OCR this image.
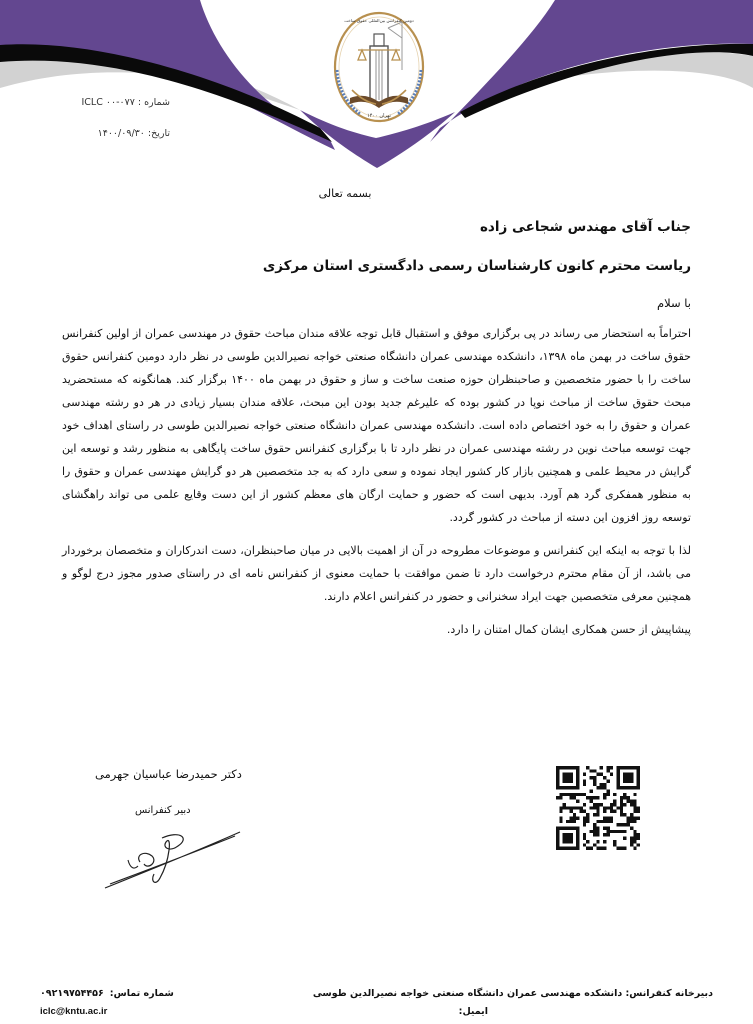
تهران ۱۴۰۰
دومین کنفرانس بین‌المللی حقوق ساخت
شماره : ICLC ۰۰-۰۷۷
تاریخ: ۱۴۰۰/۰۹/۳۰
بسمه تعالی
جناب آقای مهندس شجاعی زاده
ریاست محترم کانون کارشناسان رسمی دادگستری استان مرکزی
با سلام

احتراماً به استحضار می رساند در پی برگزاری موفق و استقبال قابل توجه علاقه مندان مباحث حقوق در مهندسی عمران از اولین کنفرانس حقوق ساخت در بهمن ماه ۱۳۹۸، دانشکده مهندسی عمران دانشگاه صنعتی خواجه نصیرالدین طوسی در نظر دارد دومین کنفرانس حقوق ساخت را با حضور متخصصین و صاحبنظران حوزه صنعت ساخت و ساز و حقوق در بهمن ماه ۱۴۰۰ برگزار کند. همانگونه که مستحضرید مبحث حقوق ساخت از مباحث نوپا در کشور بوده که علیرغم جدید بودن این مبحث، علاقه مندان بسیار زیادی در هر دو رشته مهندسی عمران و حقوق را به خود اختصاص داده است. دانشکده مهندسی عمران دانشگاه صنعتی خواجه نصیرالدین طوسی در راستای اهداف خود جهت توسعه مباحث نوین در رشته مهندسی عمران در نظر دارد تا با برگزاری کنفرانس حقوق ساخت پایگاهی به منظور رشد و توسعه این گرایش در محیط علمی و همچنین بازار کار کشور ایجاد نموده و سعی دارد که به جد متخصصین هر دو گرایش مهندسی عمران و حقوق را به منظور همفکری گرد هم آورد. بدیهی است که حضور و حمایت ارگان های معظم کشور از این دست وقایع علمی می تواند راهگشای توسعه روز افزون این دسته از مباحث در کشور گردد.

لذا با توجه به اینکه این کنفرانس و موضوعات مطروحه در آن از اهمیت بالایی در میان صاحبنظران، دست اندرکاران و متخصصان برخوردار می باشد، از آن مقام محترم درخواست دارد تا ضمن موافقت با حمایت معنوی از کنفرانس نامه ای در راستای صدور مجوز درج لوگو و همچنین معرفی متخصصین جهت ایراد سخنرانی و حضور در کنفرانس اعلام دارند.

پیشاپیش از حسن همکاری ایشان کمال امتنان را دارد.

دکتر حمیدرضا عباسیان جهرمی
دبیر کنفرانس
دبیرخانه کنفرانس: دانشکده مهندسی عمران دانشگاه صنعتی خواجه نصیرالدین طوسی
شماره تماس:
۰۹۲۱۹۷۵۴۴۵۶
ایمیل:
iclc@kntu.ac.ir
